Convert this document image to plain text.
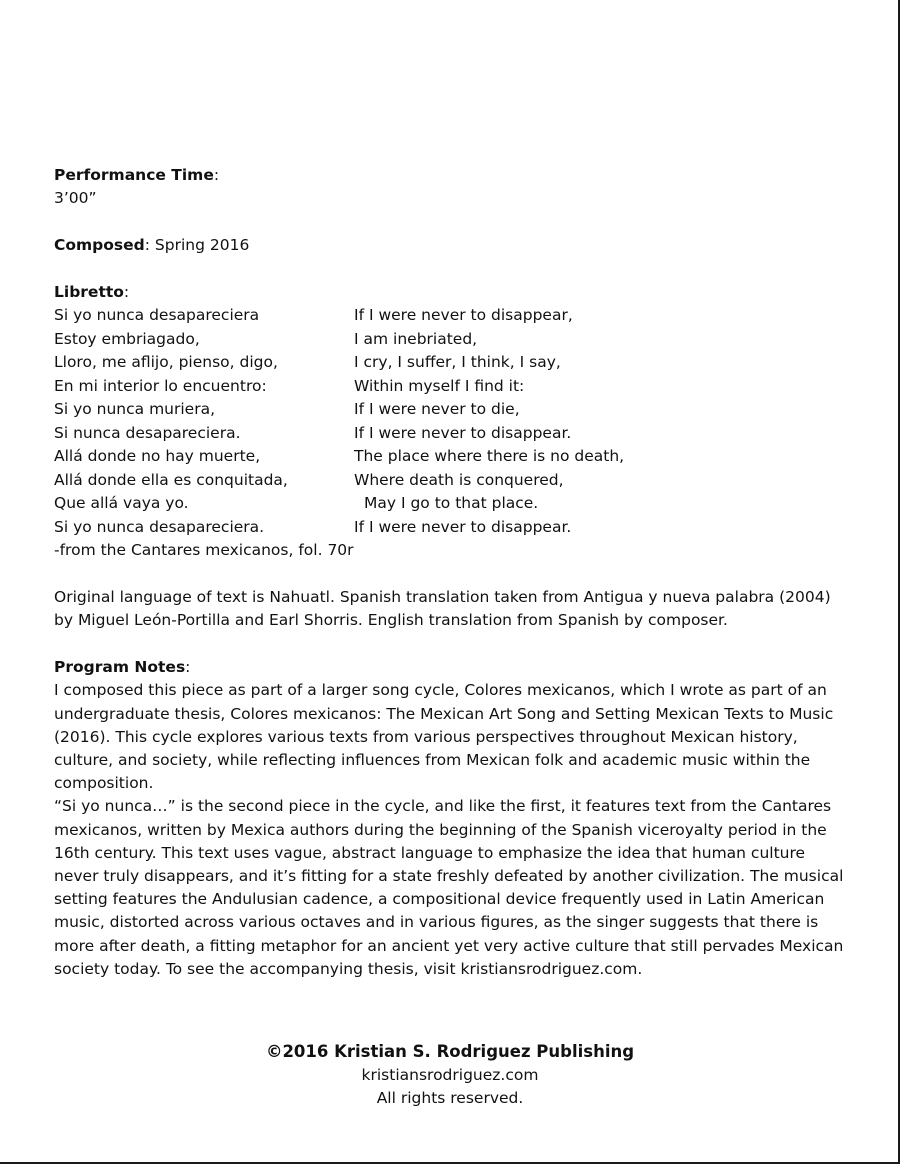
Performance Time:
3’00”
Composed: Spring 2016
Libretto:
Si yo nunca desapareciera	If I were never to disappear,
Estoy embriagado,	I am inebriated,
Lloro, me aflijo, pienso, digo,	I cry, I suffer, I think, I say,
En mi interior lo encuentro:	Within myself I find it:
Si yo nunca muriera,	If I were never to die,
Si nunca desapareciera.	If I were never to disappear.
Allá donde no hay muerte,	The place where there is no death,
Allá donde ella es conquitada,	Where death is conquered,
Que allá vaya yo.	May I go to that place.
Si yo nunca desapareciera.	If I were never to disappear.
-from the Cantares mexicanos, fol. 70r

Original language of text is Nahuatl. Spanish translation taken from Antigua y nueva palabra (2004) by Miguel León-Portilla and Earl Shorris. English translation from Spanish by composer.

Program Notes:

I composed this piece as part of a larger song cycle, Colores mexicanos, which I wrote as part of an undergraduate thesis, Colores mexicanos: The Mexican Art Song and Setting Mexican Texts to Music (2016). This cycle explores various texts from various perspectives throughout Mexican history, culture, and society, while reflecting influences from Mexican folk and academic music within the composition.

“Si yo nunca…” is the second piece in the cycle, and like the first, it features text from the Cantares mexicanos, written by Mexica authors during the beginning of the Spanish viceroyalty period in the 16th century. This text uses vague, abstract language to emphasize the idea that human culture never truly disappears, and it’s fitting for a state freshly defeated by another civilization. The musical setting features the Andulusian cadence, a compositional device frequently used in Latin American music, distorted across various octaves and in various figures, as the singer suggests that there is more after death, a fitting metaphor for an ancient yet very active culture that still pervades Mexican society today. To see the accompanying thesis, visit kristiansrodriguez.com.

©2016 Kristian S. Rodriguez Publishing
kristiansrodriguez.com
All rights reserved.
